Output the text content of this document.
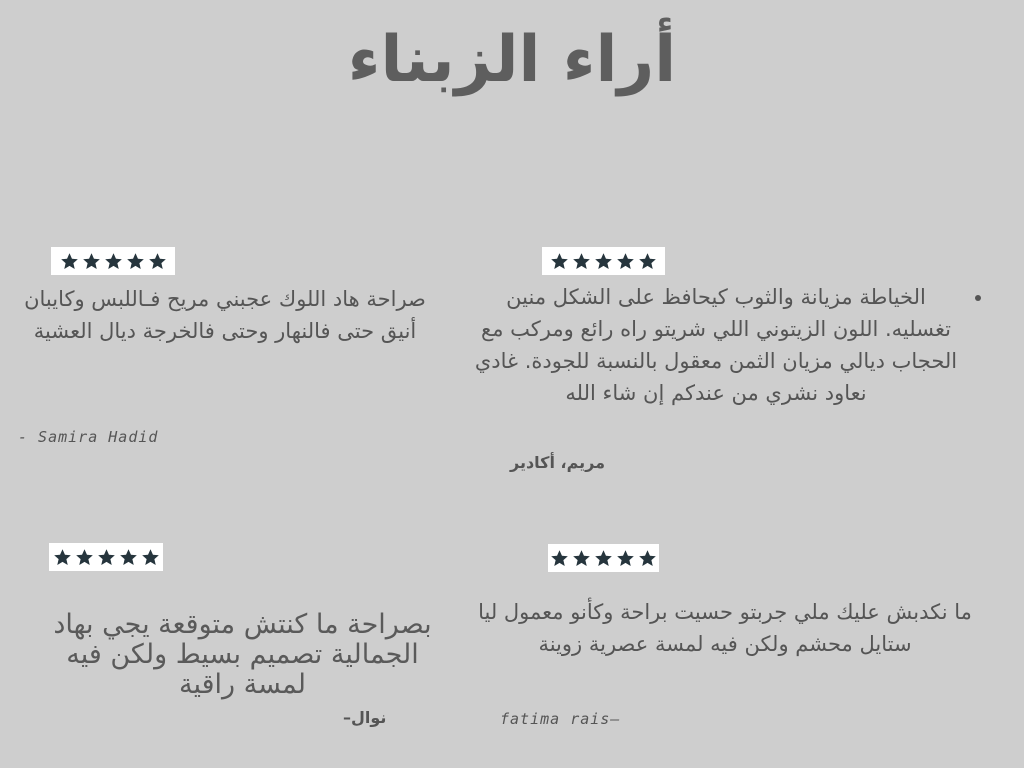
أراء الزبناء

صراحة هاد اللوك عجبني مريح فـاللبس وكايبان أنيق حتى فالنهار وحتى فالخرجة ديال العشية

- Samira Hadid
• الخياطة مزيانة والثوب كيحافظ على الشكل منين تغسليه. اللون الزيتوني اللي شريتو راه رائع ومركب مع الحجاب ديالي مزيان الثمن معقول بالنسبة للجودة. غادي نعاود نشري من عندكم إن شاء الله
مريم، أكادير

بصراحة ما كنتش متوقعة يجي بهاد الجمالية تصميم بسيط ولكن فيه لمسة راقية

نوال–

ما نكدبش عليك ملي جربتو حسيت براحة وكأنو معمول ليا ستايل محشم ولكن فيه لمسة عصرية زوينة

fatima rais–
